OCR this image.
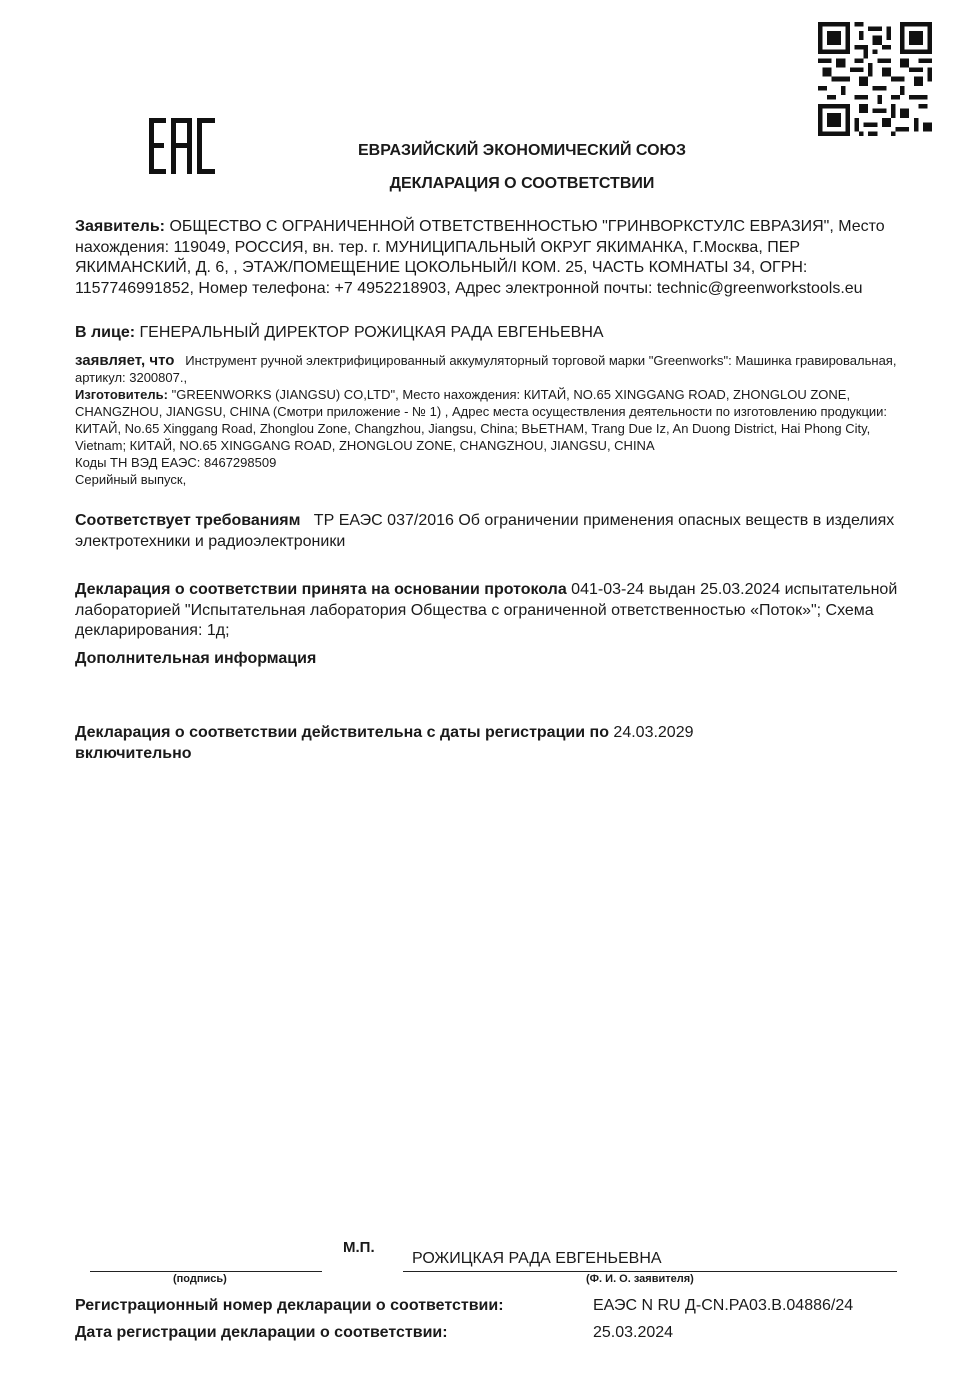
ЕВРАЗИЙСКИЙ ЭКОНОМИЧЕСКИЙ СОЮЗ
ДЕКЛАРАЦИЯ О СООТВЕТСТВИИ
Заявитель: ОБЩЕСТВО С ОГРАНИЧЕННОЙ ОТВЕТСТВЕННОСТЬЮ "ГРИНВОРКСТУЛС ЕВРАЗИЯ", Место нахождения: 119049, РОССИЯ, вн. тер. г. МУНИЦИПАЛЬНЫЙ ОКРУГ ЯКИМАНКА, Г.Москва, ПЕР ЯКИМАНСКИЙ, Д. 6, , ЭТАЖ/ПОМЕЩЕНИЕ ЦОКОЛЬНЫЙ/I КОМ. 25, ЧАСТЬ КОМНАТЫ 34, ОГРН: 1157746991852, Номер телефона: +7 4952218903, Адрес электронной почты: technic@greenworkstools.eu
В лице: ГЕНЕРАЛЬНЫЙ ДИРЕКТОР РОЖИЦКАЯ РАДА ЕВГЕНЬЕВНА
заявляет, что Инструмент ручной электрифицированный аккумуляторный торговой марки "Greenworks": Машинка гравировальная, артикул: 3200807.,
Изготовитель: "GREENWORKS (JIANGSU) CO,LTD", Место нахождения: КИТАЙ, NO.65 XINGGANG ROAD, ZHONGLOU ZONE, CHANGZHOU, JIANGSU, CHINA (Смотри приложение - № 1) , Адрес места осуществления деятельности по изготовлению продукции: КИТАЙ, No.65 Xinggang Road, Zhonglou Zone, Changzhou, Jiangsu, China; ВЬЕТНАМ, Trang Due Iz, An Duong District, Hai Phong City, Vietnam; КИТАЙ, NO.65 XINGGANG ROAD, ZHONGLOU ZONE, CHANGZHOU, JIANGSU, CHINA
Коды ТН ВЭД ЕАЭС: 8467298509
Серийный выпуск,
Соответствует требованиям ТР ЕАЭС 037/2016 Об ограничении применения опасных веществ в изделиях электротехники и радиоэлектроники
Декларация о соответствии принята на основании протокола 041-03-24 выдан 25.03.2024 испытательной лабораторией "Испытательная лаборатория Общества с ограниченной ответственностью «Поток»"; Схема декларирования: 1д;
Дополнительная информация
Декларация о соответствии действительна с даты регистрации по 24.03.2029
включительно
М.П.
РОЖИЦКАЯ РАДА ЕВГЕНЬЕВНА
(подпись)	(Ф. И. О. заявителя)
Регистрационный номер декларации о соответствии:	ЕАЭС N RU Д-CN.РА03.В.04886/24
Дата регистрации декларации о соответствии:	25.03.2024
